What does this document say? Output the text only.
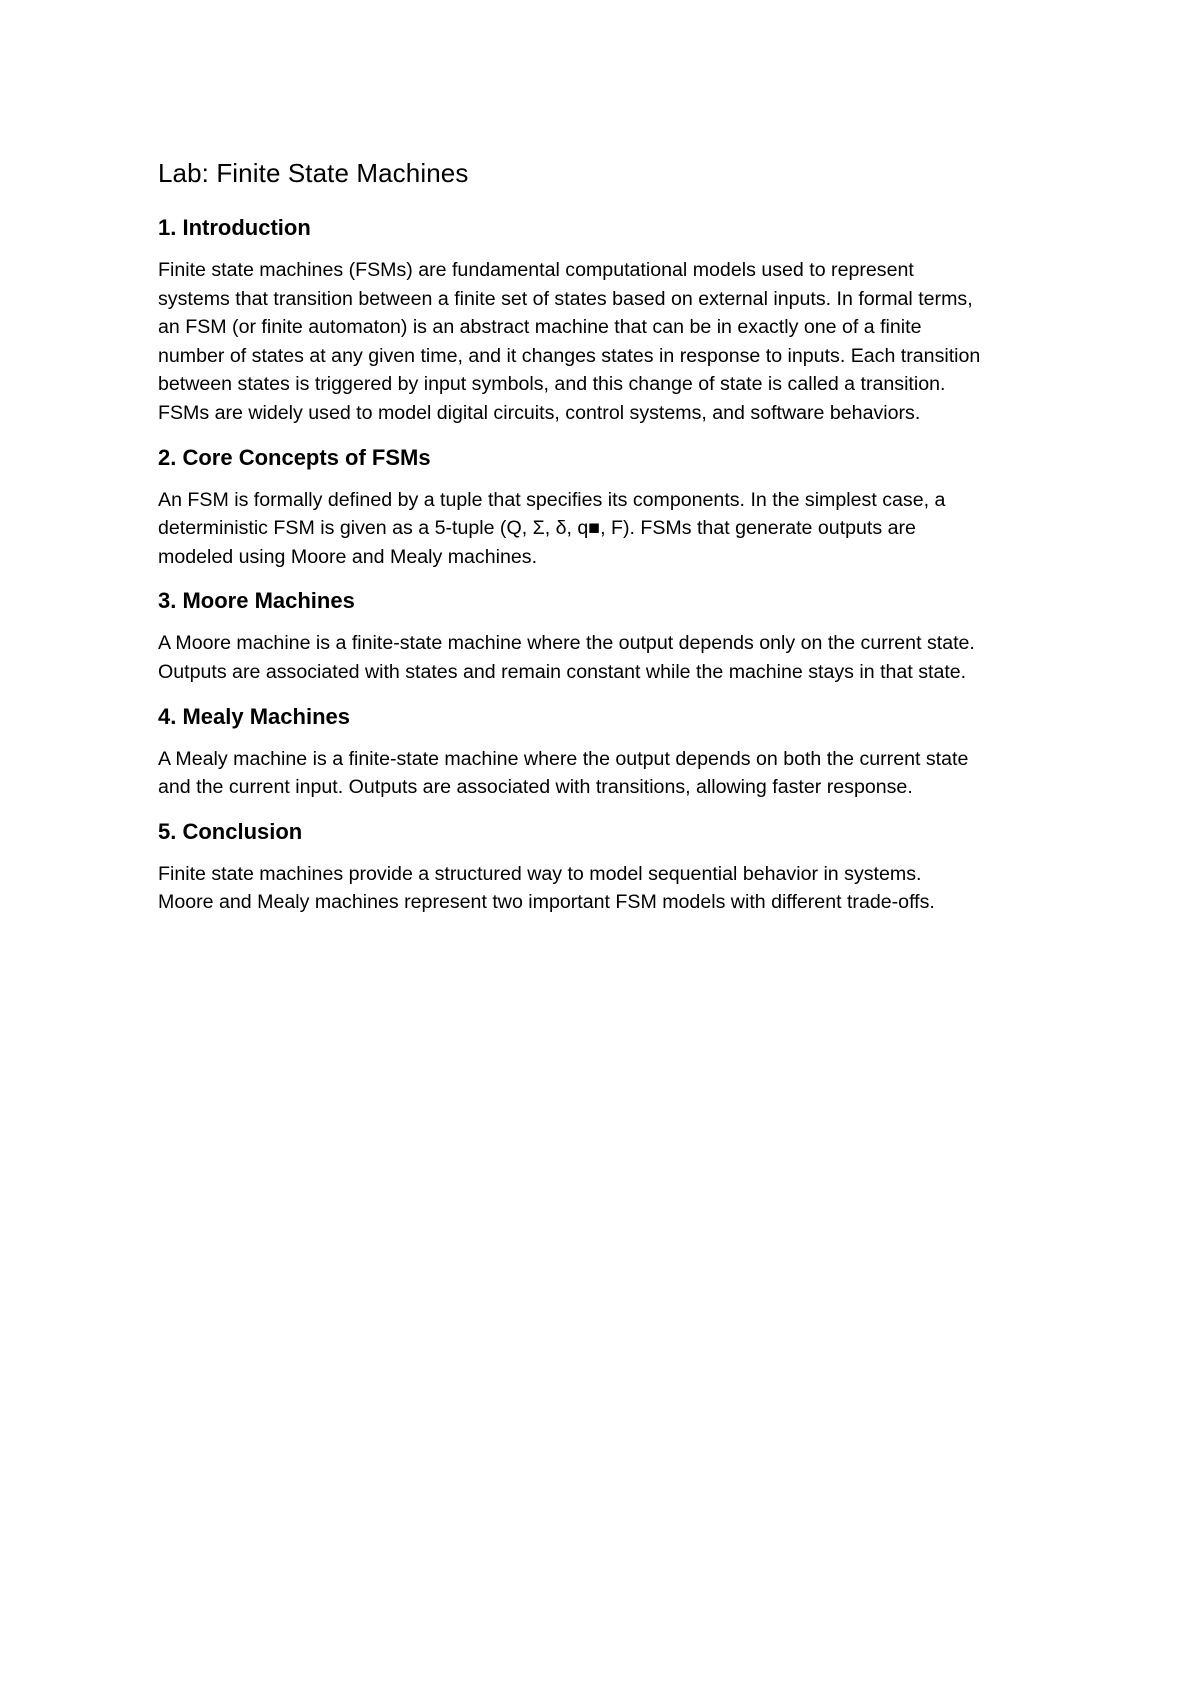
Lab: Finite State Machines
1. Introduction

Finite state machines (FSMs) are fundamental computational models used to represent
systems that transition between a finite set of states based on external inputs. In formal terms,
an FSM (or finite automaton) is an abstract machine that can be in exactly one of a finite
number of states at any given time, and it changes states in response to inputs. Each transition
between states is triggered by input symbols, and this change of state is called a transition.
FSMs are widely used to model digital circuits, control systems, and software behaviors.

2. Core Concepts of FSMs

An FSM is formally defined by a tuple that specifies its components. In the simplest case, a
deterministic FSM is given as a 5-tuple (Q, Σ, δ, q■, F). FSMs that generate outputs are
modeled using Moore and Mealy machines.

3. Moore Machines

A Moore machine is a finite-state machine where the output depends only on the current state.
Outputs are associated with states and remain constant while the machine stays in that state.

4. Mealy Machines

A Mealy machine is a finite-state machine where the output depends on both the current state
and the current input. Outputs are associated with transitions, allowing faster response.

5. Conclusion

Finite state machines provide a structured way to model sequential behavior in systems.
Moore and Mealy machines represent two important FSM models with different trade-offs.
